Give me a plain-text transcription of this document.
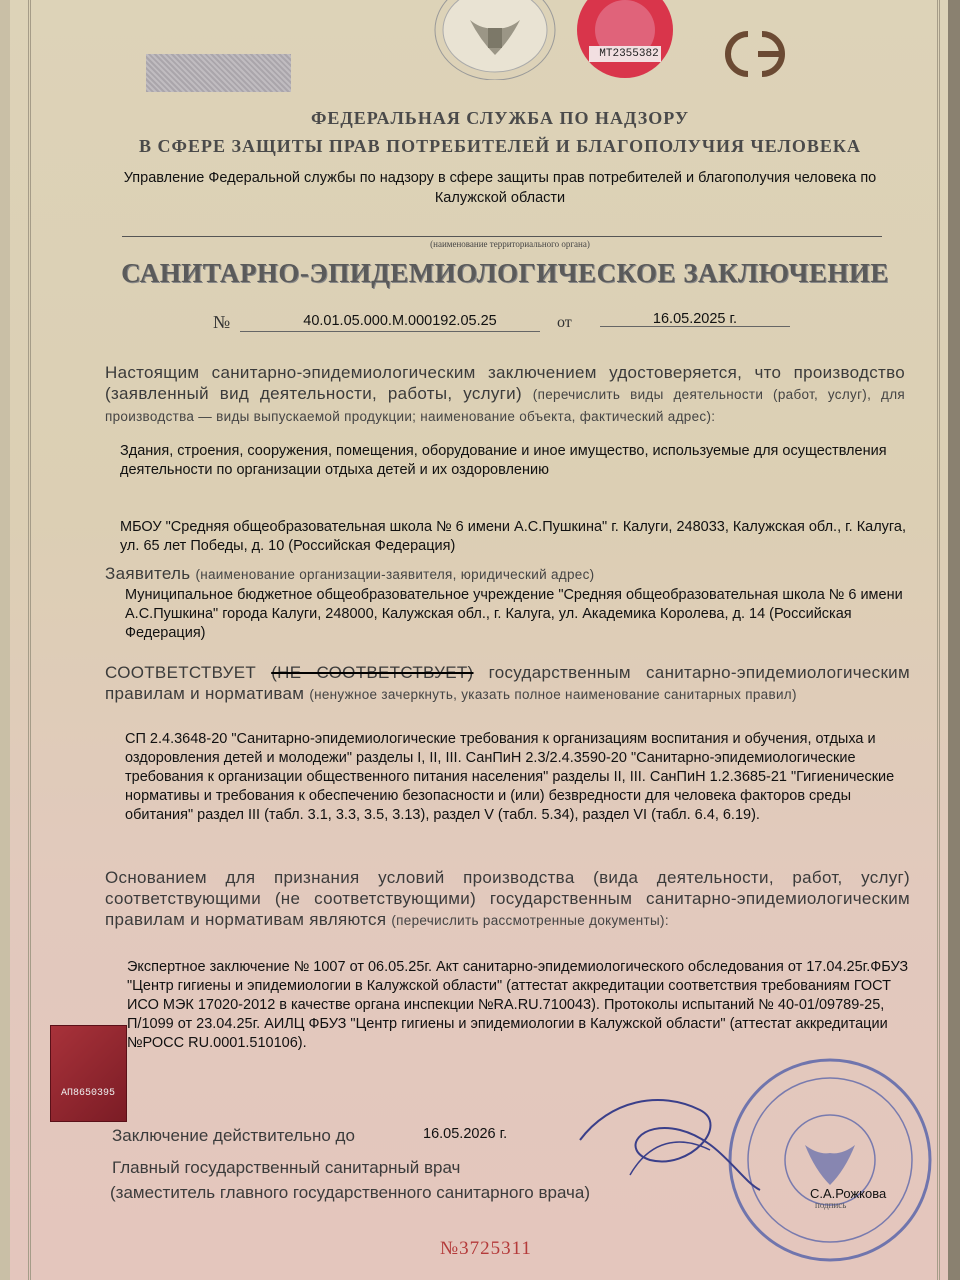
MT2355382
ФЕДЕРАЛЬНАЯ СЛУЖБА ПО НАДЗОРУ
В СФЕРЕ ЗАЩИТЫ ПРАВ ПОТРЕБИТЕЛЕЙ И БЛАГОПОЛУЧИЯ ЧЕЛОВЕКА
Управление Федеральной службы по надзору в сфере защиты прав потребителей и благополучия человека по Калужской области
(наименование территориального органа)
САНИТАРНО-ЭПИДЕМИОЛОГИЧЕСКОЕ ЗАКЛЮЧЕНИЕ
№	40.01.05.000.М.000192.05.25	от	16.05.2025 г.
Настоящим санитарно-эпидемиологическим заключением удостоверяется, что производство (заявленный вид деятельности, работы, услуги) (перечислить виды деятельности (работ, услуг), для производства — виды выпускаемой продукции; наименование объекта, фактический адрес):
Здания, строения, сооружения, помещения, оборудование и иное имущество, используемые для осуществления деятельности по организации отдыха детей и их оздоровлению
МБОУ "Средняя общеобразовательная школа № 6 имени А.С.Пушкина" г. Калуги, 248033, Калужская обл., г. Калуга, ул. 65 лет Победы, д. 10 (Российская Федерация)
Заявитель (наименование организации-заявителя, юридический адрес)
Муниципальное бюджетное общеобразовательное учреждение "Средняя общеобразовательная школа № 6 имени А.С.Пушкина" города Калуги, 248000, Калужская обл., г. Калуга, ул. Академика Королева, д. 14 (Российская Федерация)
СООТВЕТСТВУЕТ (НЕ СООТВЕТСТВУЕТ) государственным санитарно-эпидемиологическим правилам и нормативам (ненужное зачеркнуть, указать полное наименование санитарных правил)
СП 2.4.3648-20 "Санитарно-эпидемиологические требования к организациям воспитания и обучения, отдыха и оздоровления детей и молодежи" разделы I, II, III. СанПиН 2.3/2.4.3590-20 "Санитарно-эпидемиологические требования к организации общественного питания населения" разделы II, III. СанПиН 1.2.3685-21 "Гигиенические нормативы и требования к обеспечению безопасности и (или) безвредности для человека факторов среды обитания" раздел III (табл. 3.1, 3.3, 3.5, 3.13), раздел V (табл. 5.34), раздел VI (табл. 6.4, 6.19).
Основанием для признания условий производства (вида деятельности, работ, услуг) соответствующими (не соответствующими) государственным санитарно-эпидемиологическим правилам и нормативам являются (перечислить рассмотренные документы):
Экспертное заключение № 1007 от 06.05.25г. Акт санитарно-эпидемиологического обследования от 17.04.25г.ФБУЗ "Центр гигиены и эпидемиологии в Калужской области" (аттестат аккредитации соответствия требованиям ГОСТ ИСО МЭК 17020-2012 в качестве органа инспекции №RA.RU.710043). Протоколы испытаний № 40-01/09789-25, П/1099 от 23.04.25г. АИЛЦ ФБУЗ "Центр гигиены и эпидемиологии в Калужской области" (аттестат аккредитации №РОСС RU.0001.510106).
АП8650395
Заключение действительно до	16.05.2026 г.
Главный государственный санитарный врач
(заместитель главного государственного санитарного врача)	С.А.Рожкова
подпись
№3725311
